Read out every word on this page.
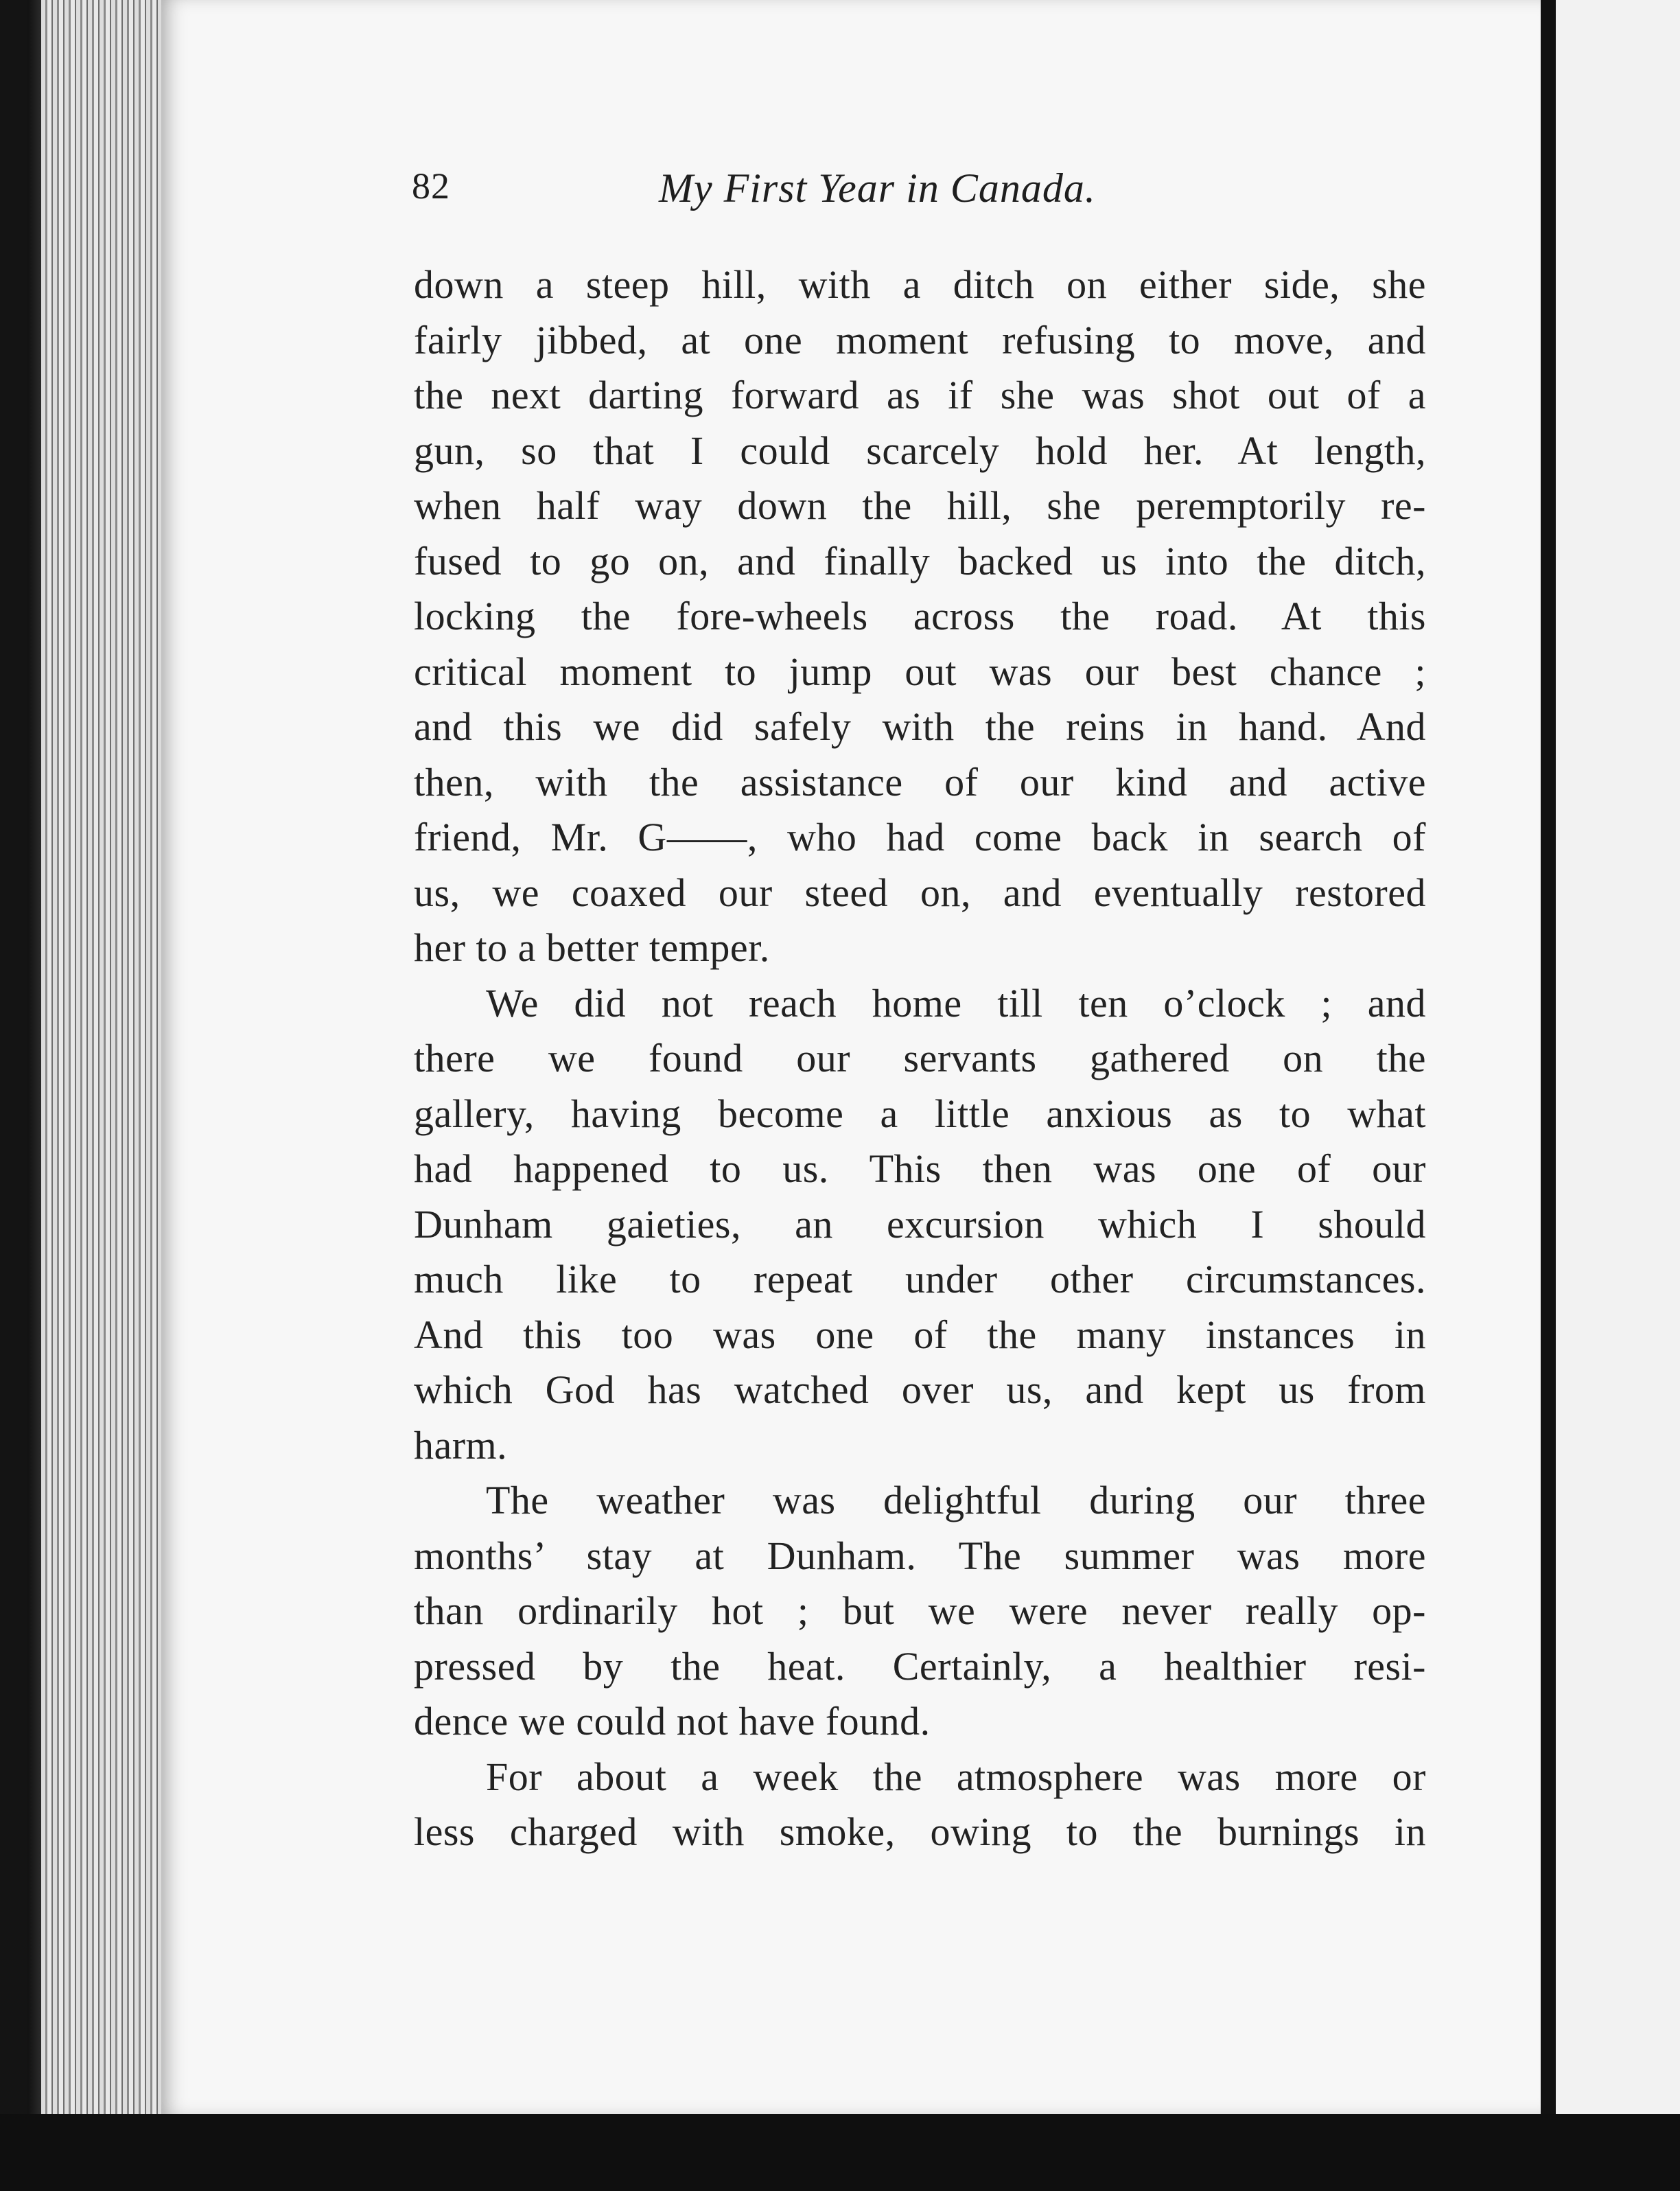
82	My First Year in Canada.
down a steep hill, with a ditch on either side, she
fairly jibbed, at one moment refusing to move, and
the next darting forward as if she was shot out of a
gun, so that I could scarcely hold her. At length,
when half way down the hill, she peremptorily re-
fused to go on, and finally backed us into the ditch,
locking the fore-wheels across the road. At this
critical moment to jump out was our best chance ;
and this we did safely with the reins in hand. And
then, with the assistance of our kind and active
friend, Mr. G——, who had come back in search of
us, we coaxed our steed on, and eventually restored
her to a better temper.
We did not reach home till ten o’clock ; and
there we found our servants gathered on the
gallery, having become a little anxious as to what
had happened to us. This then was one of our
Dunham gaieties, an excursion which I should
much like to repeat under other circumstances.
And this too was one of the many instances in
which God has watched over us, and kept us from
harm.
The weather was delightful during our three
months’ stay at Dunham. The summer was more
than ordinarily hot ; but we were never really op-
pressed by the heat. Certainly, a healthier resi-
dence we could not have found.
For about a week the atmosphere was more or
less charged with smoke, owing to the burnings in
